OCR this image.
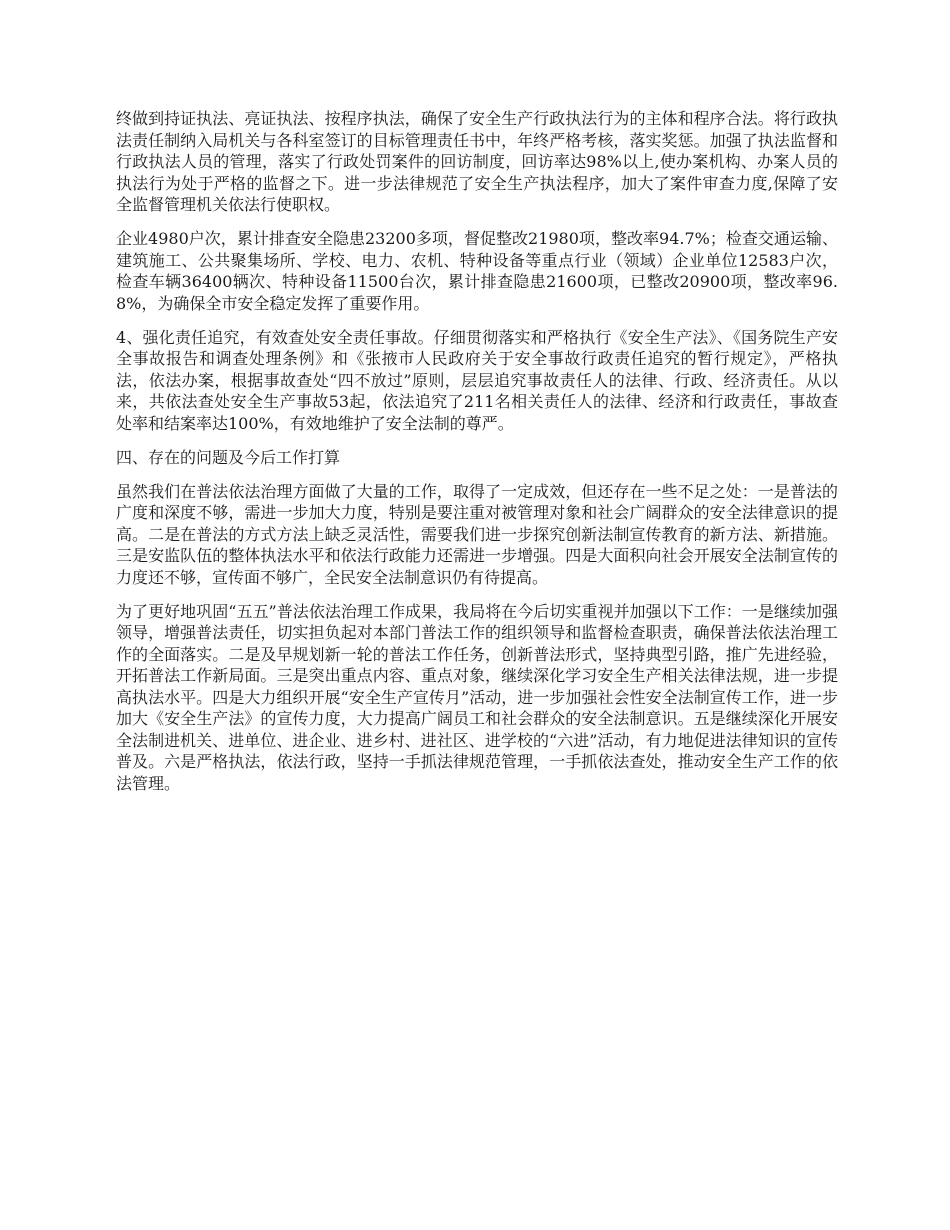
终做到持证执法、亮证执法、按程序执法，确保了安全生产行政执法行为的主体和程序合法。将行政执法责任制纳入局机关与各科室签订的目标管理责任书中，年终严格考核，落实奖惩。加强了执法监督和行政执法人员的管理，落实了行政处罚案件的回访制度，回访率达98%以上,使办案机构、办案人员的执法行为处于严格的监督之下。进一步法律规范了安全生产执法程序，加大了案件审查力度,保障了安全监督管理机关依法行使职权。

企业4980户次，累计排查安全隐患23200多项，督促整改21980项，整改率94.7%；检查交通运输、建筑施工、公共聚集场所、学校、电力、农机、特种设备等重点行业（领域）企业单位12583户次，检查车辆36400辆次、特种设备11500台次，累计排查隐患21600项，已整改20900项，整改率96.8%，为确保全市安全稳定发挥了重要作用。

4、强化责任追究，有效查处安全责任事故。仔细贯彻落实和严格执行《安全生产法》、《国务院生产安全事故报告和调查处理条例》和《张掖市人民政府关于安全事故行政责任追究的暂行规定》，严格执法，依法办案，根据事故查处“四不放过”原则，层层追究事故责任人的法律、行政、经济责任。从以来，共依法查处安全生产事故53起，依法追究了211名相关责任人的法律、经济和行政责任，事故查处率和结案率达100%，有效地维护了安全法制的尊严。

四、存在的问题及今后工作打算

虽然我们在普法依法治理方面做了大量的工作，取得了一定成效，但还存在一些不足之处：一是普法的广度和深度不够，需进一步加大力度，特别是要注重对被管理对象和社会广阔群众的安全法律意识的提高。二是在普法的方式方法上缺乏灵活性，需要我们进一步探究创新法制宣传教育的新方法、新措施。三是安监队伍的整体执法水平和依法行政能力还需进一步增强。四是大面积向社会开展安全法制宣传的力度还不够，宣传面不够广，全民安全法制意识仍有待提高。

为了更好地巩固“五五”普法依法治理工作成果，我局将在今后切实重视并加强以下工作：一是继续加强领导，增强普法责任，切实担负起对本部门普法工作的组织领导和监督检查职责，确保普法依法治理工作的全面落实。二是及早规划新一轮的普法工作任务，创新普法形式，坚持典型引路，推广先进经验，开拓普法工作新局面。三是突出重点内容、重点对象，继续深化学习安全生产相关法律法规，进一步提高执法水平。四是大力组织开展“安全生产宣传月”活动，进一步加强社会性安全法制宣传工作，进一步加大《安全生产法》的宣传力度，大力提高广阔员工和社会群众的安全法制意识。五是继续深化开展安全法制进机关、进单位、进企业、进乡村、进社区、进学校的“六进”活动，有力地促进法律知识的宣传普及。六是严格执法，依法行政，坚持一手抓法律规范管理，一手抓依法查处，推动安全生产工作的依法管理。
